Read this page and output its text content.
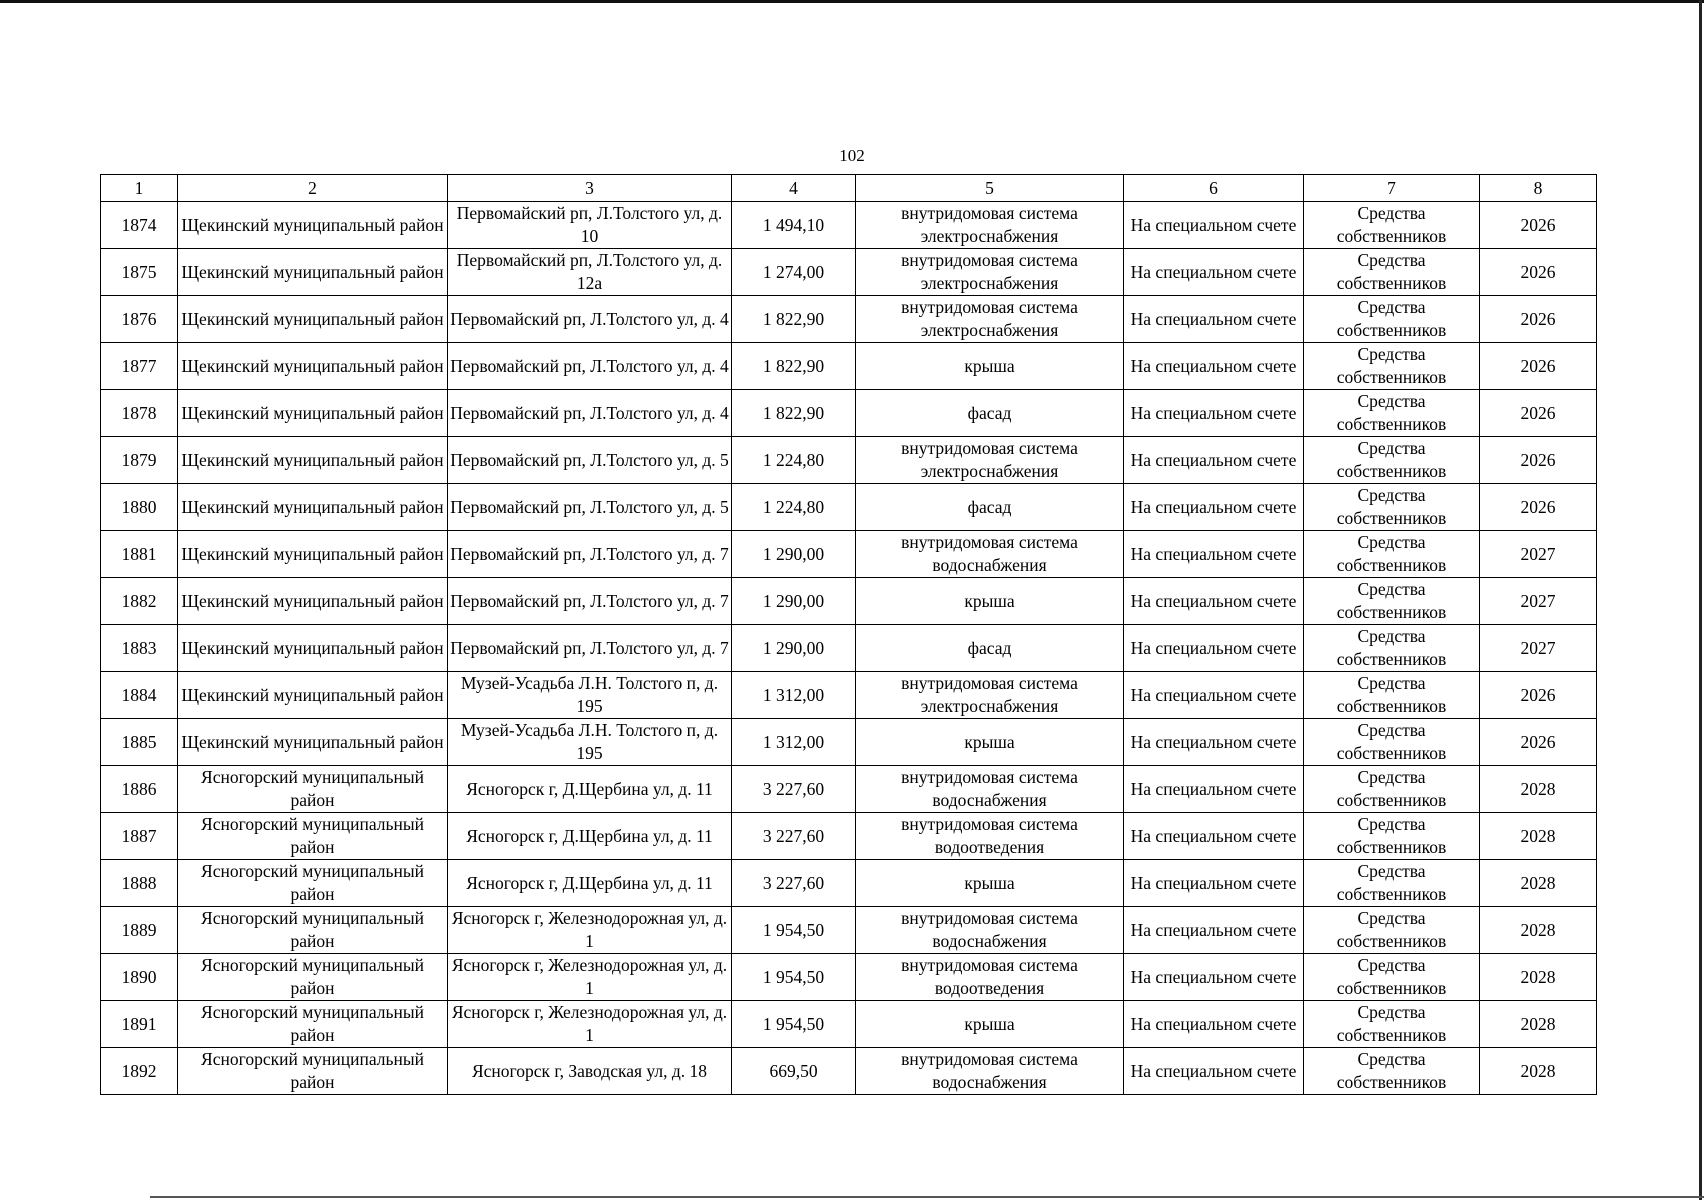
102
1	2	3	4	5	6	7	8
1874	Щекинский муниципальный район	Первомайский рп, Л.Толстого ул, д. 10	1 494,10	внутридомовая система электроснабжения	На специальном счете	Средства собственников	2026
1875	Щекинский муниципальный район	Первомайский рп, Л.Толстого ул, д. 12а	1 274,00	внутридомовая система электроснабжения	На специальном счете	Средства собственников	2026
1876	Щекинский муниципальный район	Первомайский рп, Л.Толстого ул, д. 4	1 822,90	внутридомовая система электроснабжения	На специальном счете	Средства собственников	2026
1877	Щекинский муниципальный район	Первомайский рп, Л.Толстого ул, д. 4	1 822,90	крыша	На специальном счете	Средства собственников	2026
1878	Щекинский муниципальный район	Первомайский рп, Л.Толстого ул, д. 4	1 822,90	фасад	На специальном счете	Средства собственников	2026
1879	Щекинский муниципальный район	Первомайский рп, Л.Толстого ул, д. 5	1 224,80	внутридомовая система электроснабжения	На специальном счете	Средства собственников	2026
1880	Щекинский муниципальный район	Первомайский рп, Л.Толстого ул, д. 5	1 224,80	фасад	На специальном счете	Средства собственников	2026
1881	Щекинский муниципальный район	Первомайский рп, Л.Толстого ул, д. 7	1 290,00	внутридомовая система водоснабжения	На специальном счете	Средства собственников	2027
1882	Щекинский муниципальный район	Первомайский рп, Л.Толстого ул, д. 7	1 290,00	крыша	На специальном счете	Средства собственников	2027
1883	Щекинский муниципальный район	Первомайский рп, Л.Толстого ул, д. 7	1 290,00	фасад	На специальном счете	Средства собственников	2027
1884	Щекинский муниципальный район	Музей-Усадьба Л.Н. Толстого п, д. 195	1 312,00	внутридомовая система электроснабжения	На специальном счете	Средства собственников	2026
1885	Щекинский муниципальный район	Музей-Усадьба Л.Н. Толстого п, д. 195	1 312,00	крыша	На специальном счете	Средства собственников	2026
1886	Ясногорский муниципальный район	Ясногорск г, Д.Щербина ул, д. 11	3 227,60	внутридомовая система водоснабжения	На специальном счете	Средства собственников	2028
1887	Ясногорский муниципальный район	Ясногорск г, Д.Щербина ул, д. 11	3 227,60	внутридомовая система водоотведения	На специальном счете	Средства собственников	2028
1888	Ясногорский муниципальный район	Ясногорск г, Д.Щербина ул, д. 11	3 227,60	крыша	На специальном счете	Средства собственников	2028
1889	Ясногорский муниципальный район	Ясногорск г, Железнодорожная ул, д. 1	1 954,50	внутридомовая система водоснабжения	На специальном счете	Средства собственников	2028
1890	Ясногорский муниципальный район	Ясногорск г, Железнодорожная ул, д. 1	1 954,50	внутридомовая система водоотведения	На специальном счете	Средства собственников	2028
1891	Ясногорский муниципальный район	Ясногорск г, Железнодорожная ул, д. 1	1 954,50	крыша	На специальном счете	Средства собственников	2028
1892	Ясногорский муниципальный район	Ясногорск г, Заводская ул, д. 18	669,50	внутридомовая система водоснабжения	На специальном счете	Средства собственников	2028
